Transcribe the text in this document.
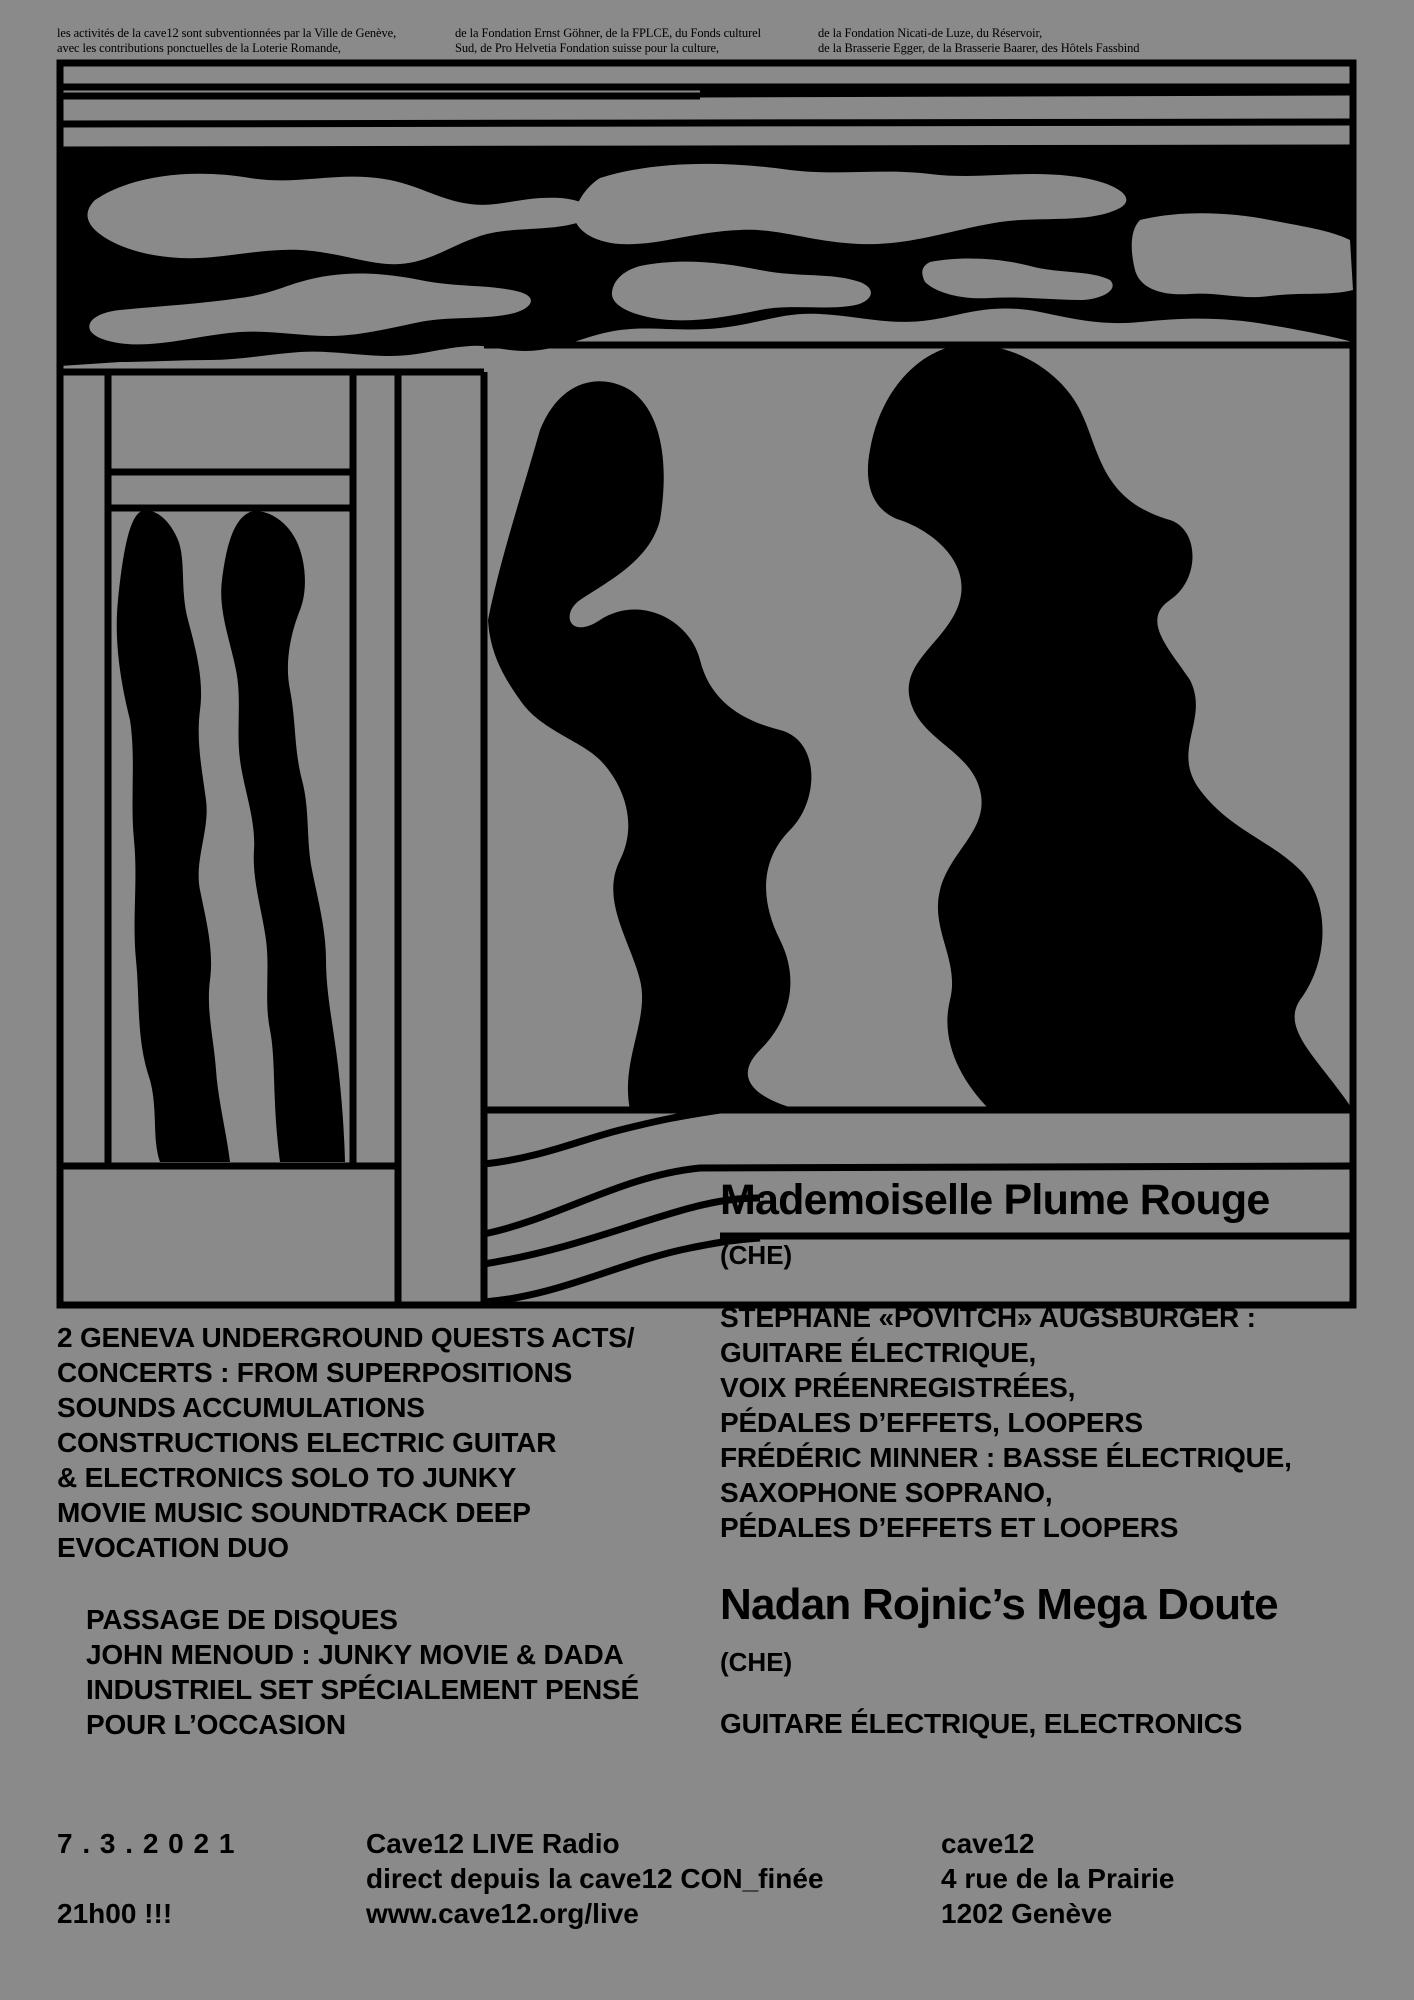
les activités de la cave12 sont subventionnées par la Ville de Genève,
avec les contributions ponctuelles de la Loterie Romande,
de la Fondation Ernst Göhner, de la FPLCE, du Fonds culturel
Sud, de Pro Helvetia Fondation suisse pour la culture,
de la Fondation Nicati-de Luze, du Réservoir,
de la Brasserie Egger, de la Brasserie Baarer, des Hôtels Fassbind
Mademoiselle Plume Rouge
(CHE)
STÉPHANE «POVITCH» AUGSBURGER :
GUITARE ÉLECTRIQUE,
VOIX PRÉENREGISTRÉES,
PÉDALES D’EFFETS, LOOPERS
FRÉDÉRIC MINNER : BASSE ÉLECTRIQUE,
SAXOPHONE SOPRANO,
PÉDALES D’EFFETS ET LOOPERS
Nadan Rojnic’s Mega Doute
(CHE)
GUITARE ÉLECTRIQUE, ELECTRONICS
2 GENEVA UNDERGROUND QUESTS ACTS/
CONCERTS : FROM SUPERPOSITIONS
SOUNDS ACCUMULATIONS
CONSTRUCTIONS ELECTRIC GUITAR
& ELECTRONICS SOLO TO JUNKY
MOVIE MUSIC SOUNDTRACK DEEP
EVOCATION DUO
PASSAGE DE DISQUES
JOHN MENOUD : JUNKY MOVIE & DADA
INDUSTRIEL SET SPÉCIALEMENT PENSÉ
POUR L’OCCASION
7 . 3 . 2 0 2 1
21h00 !!!
Cave12 LIVE Radio
direct depuis la cave12 CON_finée
www.cave12.org/live
cave12
4 rue de la Prairie
1202 Genève
